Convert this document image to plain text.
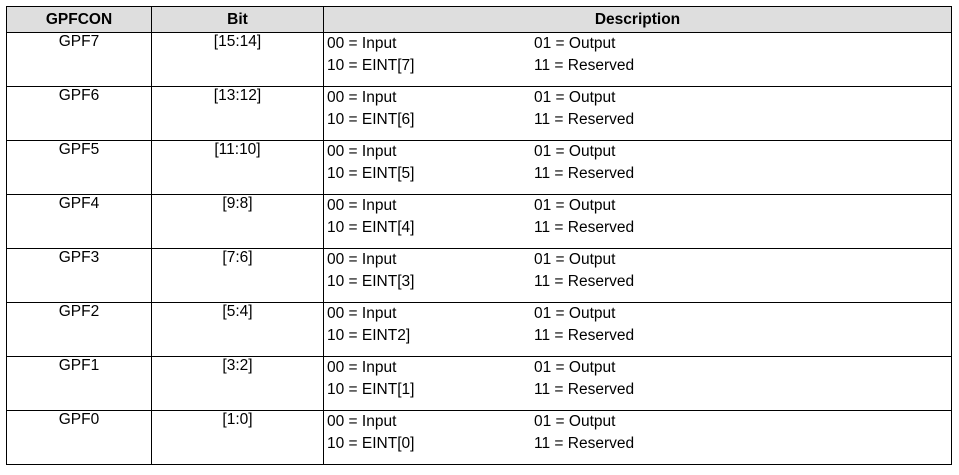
GPFCON	Bit	Description
GPF7	[15:14]	00 = Input 01 = Output
10 = EINT[7] 11 = Reserved

GPF6	[13:12]	00 = Input 01 = Output
10 = EINT[6] 11 = Reserved

GPF5	[11:10]	00 = Input 01 = Output
10 = EINT[5] 11 = Reserved

GPF4	[9:8]	00 = Input 01 = Output
10 = EINT[4] 11 = Reserved

GPF3	[7:6]	00 = Input 01 = Output
10 = EINT[3] 11 = Reserved

GPF2	[5:4]	00 = Input 01 = Output
10 = EINT2] 11 = Reserved

GPF1	[3:2]	00 = Input 01 = Output
10 = EINT[1] 11 = Reserved

GPF0	[1:0]	00 = Input 01 = Output
10 = EINT[0] 11 = Reserved
